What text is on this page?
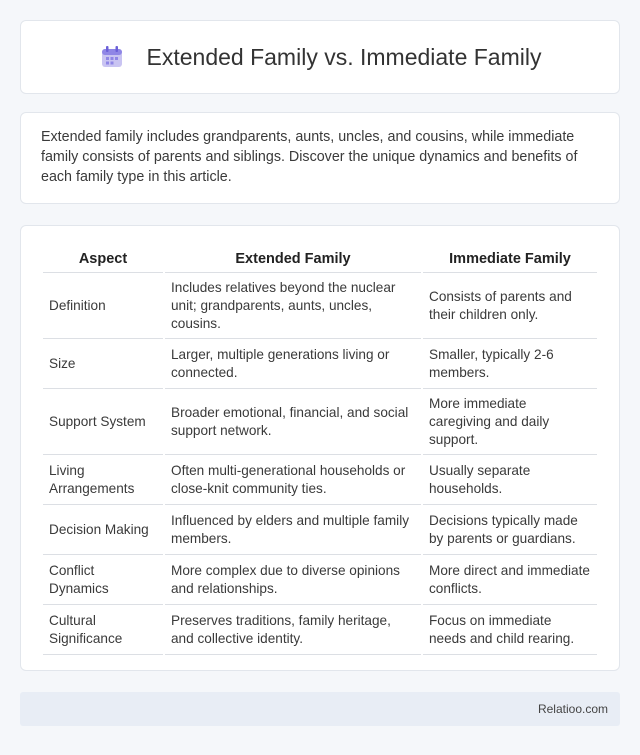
Extended Family vs. Immediate Family

Extended family includes grandparents, aunts, uncles, and cousins, while immediate family consists of parents and siblings. Discover the unique dynamics and benefits of each family type in this article.

Aspect	Extended Family	Immediate Family
Definition	Includes relatives beyond the nuclear unit; grandparents, aunts, uncles, cousins.	Consists of parents and their children only.
Size	Larger, multiple generations living or connected.	Smaller, typically 2-6 members.
Support System	Broader emotional, financial, and social support network.	More immediate caregiving and daily support.
Living Arrangements	Often multi-generational households or close-knit community ties.	Usually separate households.
Decision Making	Influenced by elders and multiple family members.	Decisions typically made by parents or guardians.
Conflict Dynamics	More complex due to diverse opinions and relationships.	More direct and immediate conflicts.
Cultural Significance	Preserves traditions, family heritage, and collective identity.	Focus on immediate needs and child rearing.
Relatioo.com
